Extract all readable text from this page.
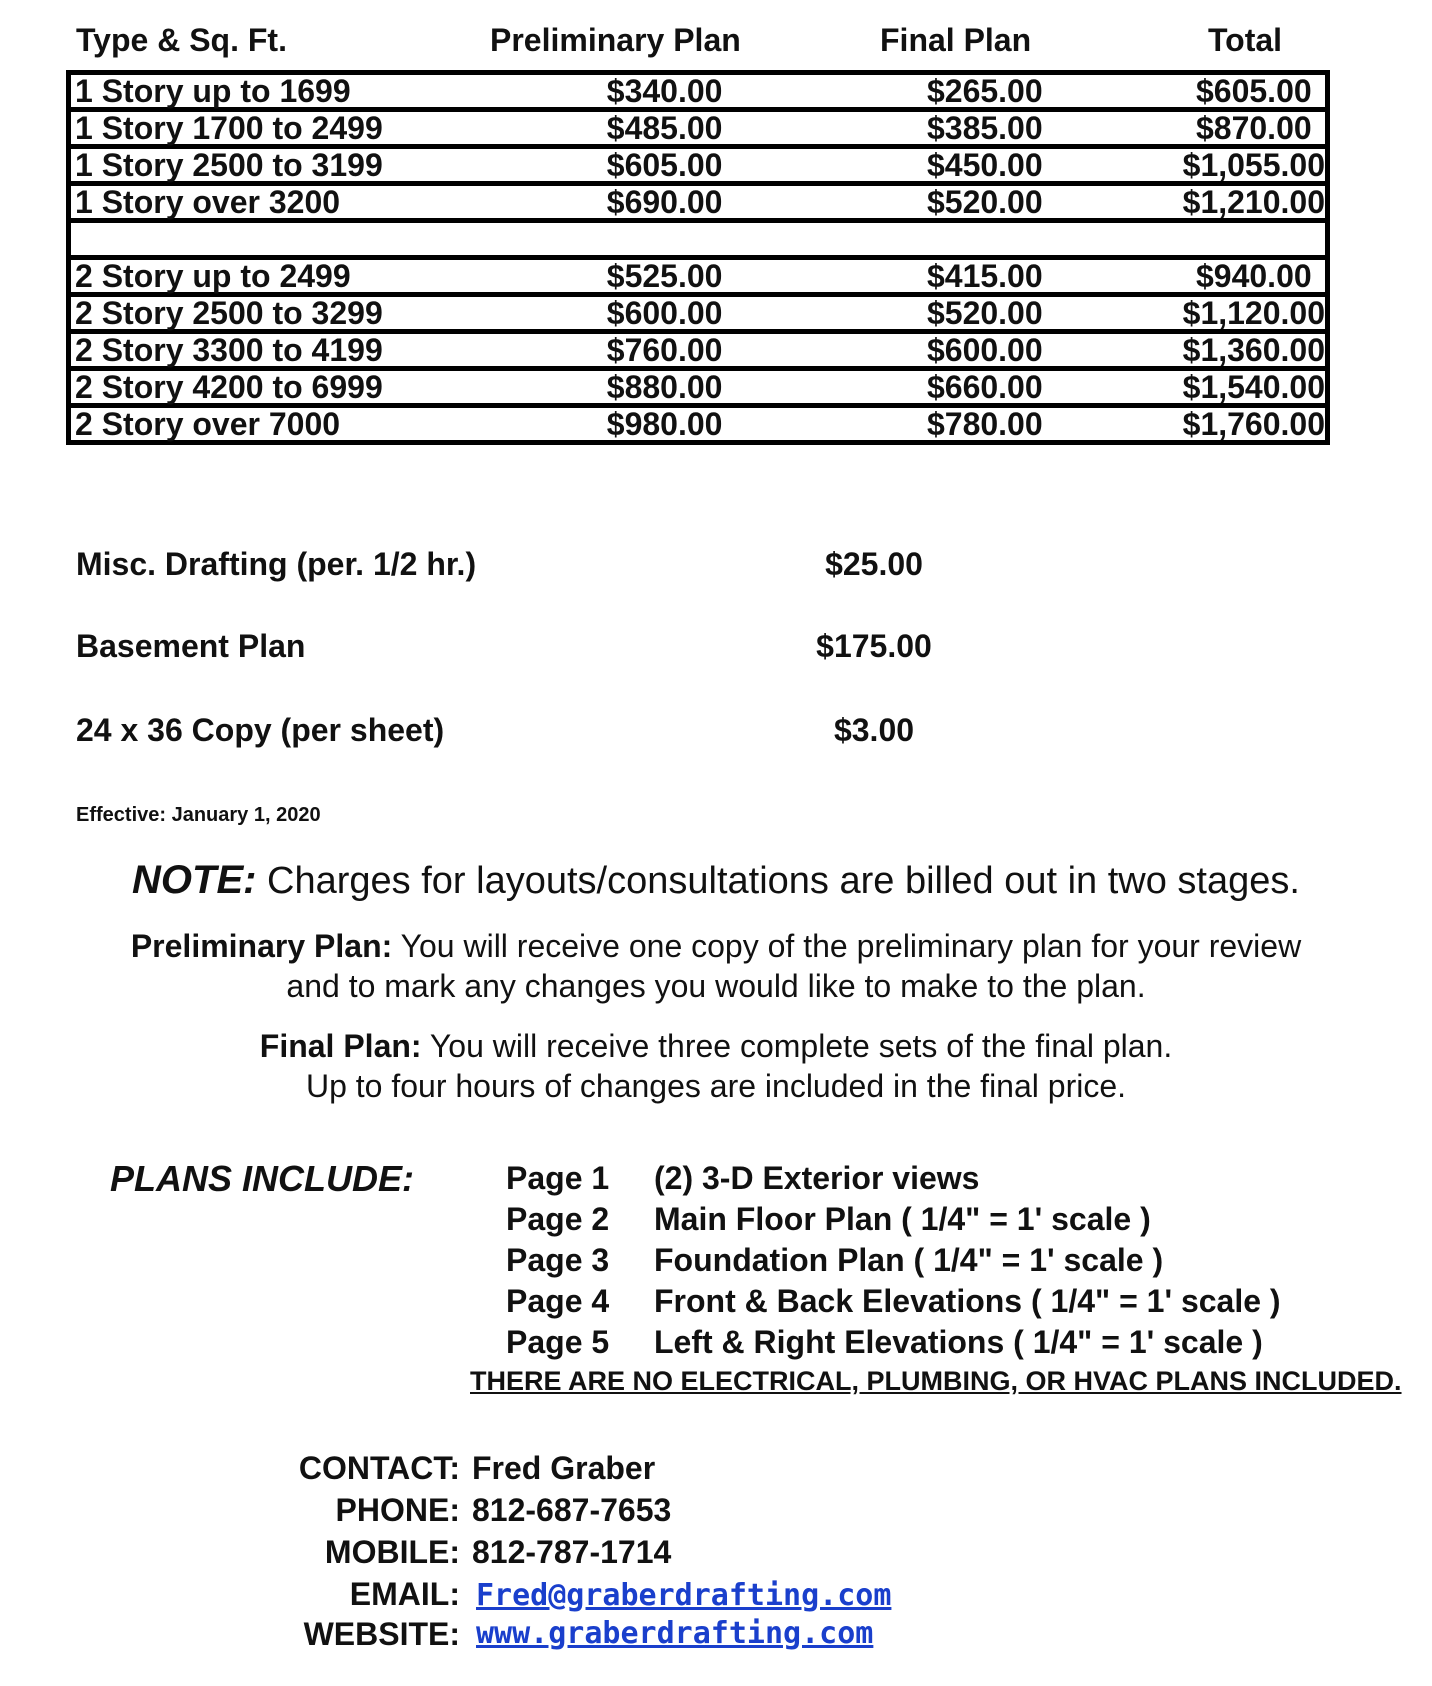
Type & Sq. Ft.	Preliminary Plan	Final Plan	Total
1 Story up to 1699	$340.00	$265.00	$605.00
1 Story 1700 to 2499	$485.00	$385.00	$870.00
1 Story 2500 to 3199	$605.00	$450.00	$1,055.00
1 Story over 3200	$690.00	$520.00	$1,210.00

2 Story up to 2499	$525.00	$415.00	$940.00
2 Story 2500 to 3299	$600.00	$520.00	$1,120.00
2 Story 3300 to 4199	$760.00	$600.00	$1,360.00
2 Story 4200 to 6999	$880.00	$660.00	$1,540.00
2 Story over 7000	$980.00	$780.00	$1,760.00
Misc. Drafting (per. 1/2 hr.)	$25.00
Basement Plan	$175.00
24 x 36 Copy (per sheet)	$3.00
Effective: January 1, 2020
NOTE: Charges for layouts/consultations are billed out in two stages.
Preliminary Plan: You will receive one copy of the preliminary plan for your review
and to mark any changes you would like to make to the plan.
Final Plan: You will receive three complete sets of the final plan.
Up to four hours of changes are included in the final price.
PLANS INCLUDE:	Page 1 (2) 3-D Exterior views
Page 2 Main Floor Plan ( 1/4" = 1' scale )
Page 3 Foundation Plan ( 1/4" = 1' scale )
Page 4 Front & Back Elevations ( 1/4" = 1' scale )
Page 5 Left & Right Elevations ( 1/4" = 1' scale )
THERE ARE NO ELECTRICAL, PLUMBING, OR HVAC PLANS INCLUDED.
CONTACT: Fred Graber
PHONE: 812-687-7653
MOBILE: 812-787-1714
EMAIL: Fred@graberdrafting.com
WEBSITE: www.graberdrafting.com
